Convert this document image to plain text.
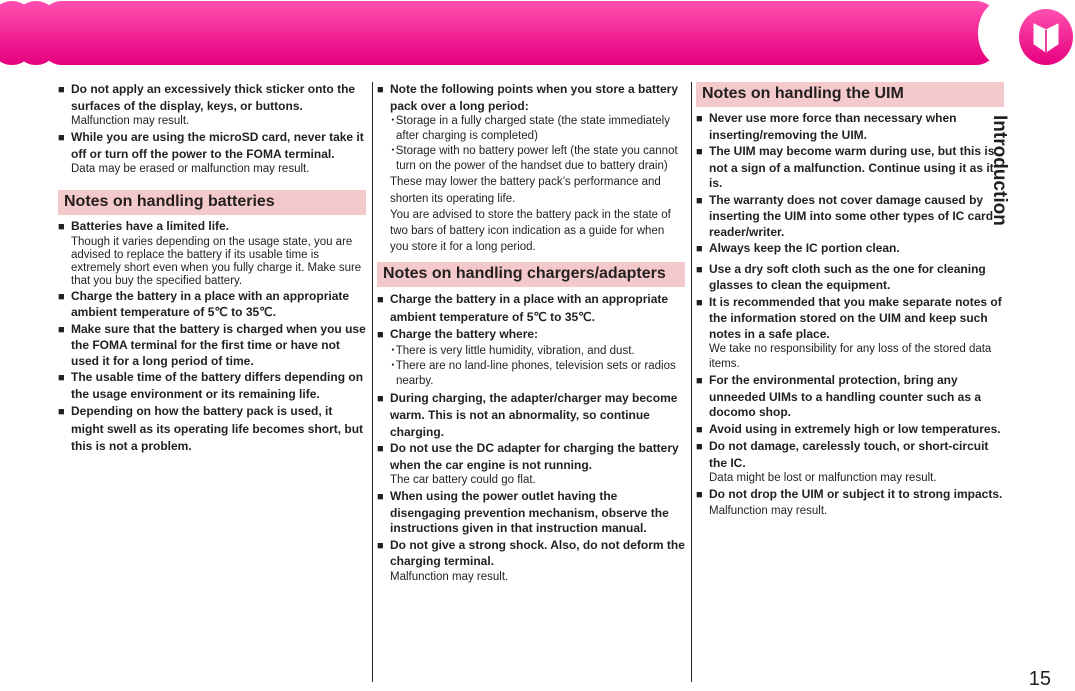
Introduction
■ Do not apply an excessively thick sticker onto the surfaces of the display, keys, or buttons.
Malfunction may result.
■ While you are using the microSD card, never take it off or turn off the power to the FOMA terminal.
Data may be erased or malfunction may result.
Notes on handling batteries
■ Batteries have a limited life.
Though it varies depending on the usage state, you are advised to replace the battery if its usable time is extremely short even when you fully charge it. Make sure that you buy the specified battery.
■ Charge the battery in a place with an appropriate ambient temperature of 5℃ to 35℃.
■ Make sure that the battery is charged when you use the FOMA terminal for the first time or have not used it for a long period of time.
■ The usable time of the battery differs depending on the usage environment or its remaining life.
■ Depending on how the battery pack is used, it might swell as its operating life becomes short, but this is not a problem.
■ Note the following points when you store a battery pack over a long period:
･ Storage in a fully charged state (the state immediately after charging is completed)
･ Storage with no battery power left (the state you cannot turn on the power of the handset due to battery drain)
These may lower the battery pack’s performance and shorten its operating life.
You are advised to store the battery pack in the state of two bars of battery icon indication as a guide for when you store it for a long period.
Notes on handling chargers/adapters
■ Charge the battery in a place with an appropriate ambient temperature of 5℃ to 35℃.
■ Charge the battery where:
･ There is very little humidity, vibration, and dust.
･ There are no land-line phones, television sets or radios nearby.
■ During charging, the adapter/charger may become warm. This is not an abnormality, so continue charging.
■ Do not use the DC adapter for charging the battery when the car engine is not running.
The car battery could go flat.
■ When using the power outlet having the disengaging prevention mechanism, observe the instructions given in that instruction manual.
■ Do not give a strong shock. Also, do not deform the charging terminal.
Malfunction may result.
Notes on handling the UIM
■ Never use more force than necessary when inserting/removing the UIM.
■ The UIM may become warm during use, but this is not a sign of a malfunction. Continue using it as it is.
■ The warranty does not cover damage caused by inserting the UIM into some other types of IC card reader/writer.
■ Always keep the IC portion clean.
■ Use a dry soft cloth such as the one for cleaning glasses to clean the equipment.
■ It is recommended that you make separate notes of the information stored on the UIM and keep such notes in a safe place.
We take no responsibility for any loss of the stored data items.
■ For the environmental protection, bring any unneeded UIMs to a handling counter such as a docomo shop.
■ Avoid using in extremely high or low temperatures.
■ Do not damage, carelessly touch, or short-circuit the IC.
Data might be lost or malfunction may result.
■ Do not drop the UIM or subject it to strong impacts.
Malfunction may result.
15
